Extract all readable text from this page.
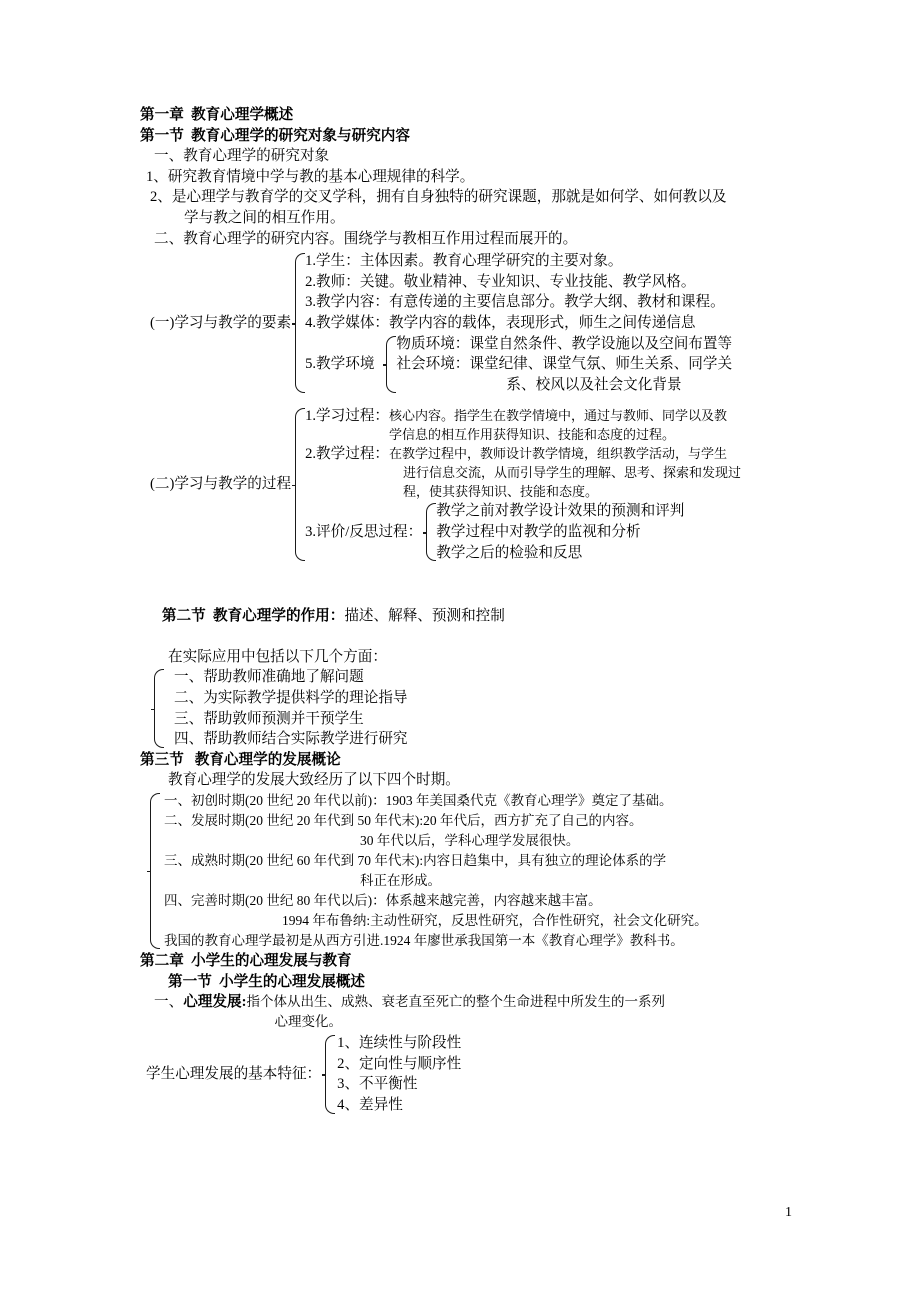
第一章  教育心理学概述
第一节  教育心理学的研究对象与研究内容
一、教育心理学的研究对象
1、研究教育情境中学与教的基本心理规律的科学。
2、是心理学与教育学的交叉学科，拥有自身独特的研究课题，那就是如何学、如何教以及
学与教之间的相互作用。
二、教育心理学的研究内容。围绕学与教相互作用过程而展开的。
(一)学习与教学的要素
1. 学生：主体因素。教育心理学研究的主要对象。
2. 教师：关键。敬业精神、专业知识、专业技能、教学风格。
3. 教学内容：有意传递的主要信息部分。教学大纲、教材和课程。
4. 教学媒体：教学内容的载体，表现形式，师生之间传递信息
5. 教学环境
物质环境：课堂自然条件、教学设施以及空间布置等
社会环境：课堂纪律、课堂气氛、师生关系、同学关
系、校风以及社会文化背景
(二)学习与教学的过程
1. 学习过程： 核心内容。指学生在教学情境中，通过与教师、同学以及教
学信息的相互作用获得知识、技能和态度的过程。
2. 教学过程： 在教学过程中，教师设计教学情境，组织教学活动，与学生
进行信息交流，从而引导学生的理解、思考、探索和发现过
程，使其获得知识、技能和态度。
3. 评价/反思过程：
教学之前对教学设计效果的预测和评判
教学过程中对教学的监视和分析
教学之后的检验和反思

第二节  教育心理学的作用：描述、解释、预测和控制

在实际应用中包括以下几个方面：
一、帮助教师准确地了解问题
二、为实际教学提供料学的理论指导
三、帮助敦师预测并干预学生
四、帮助教师结合实际教学进行研究
第三节   教育心理学的发展概论
教育心理学的发展大致经历了以下四个时期。
一、初创时期(20 世纪 20 年代以前)：1903 年美国桑代克《教育心理学》奠定了基础。
二、发展时期(20 世纪 20 年代到 50 年代末):20 年代后，西方扩充了自己的内容。
30 年代以后，学科心理学发展很快。
三、成熟时期(20 世纪 60 年代到 70 年代末):内容日趋集中，具有独立的理论体系的学
科正在形成。
四、完善时期(20 世纪 80 年代以后)：体系越来越完善，内容越来越丰富。
1994 年布鲁纳:主动性研究，反思性研究，合作性研究，社会文化研究。
我国的教育心理学最初是从西方引进.1924 年廖世承我国第一本《教育心理学》教科书。
第二章  小学生的心理发展与教育
第一节  小学生的心理发展概述
一、 心理发展: 指个体从出生、成熟、衰老直至死亡的整个生命进程中所发生的一系列
心理变化。
学生心理发展的基本特征：
1、连续性与阶段性
2、定向性与顺序性
3、不平衡性
4、差异性
1
